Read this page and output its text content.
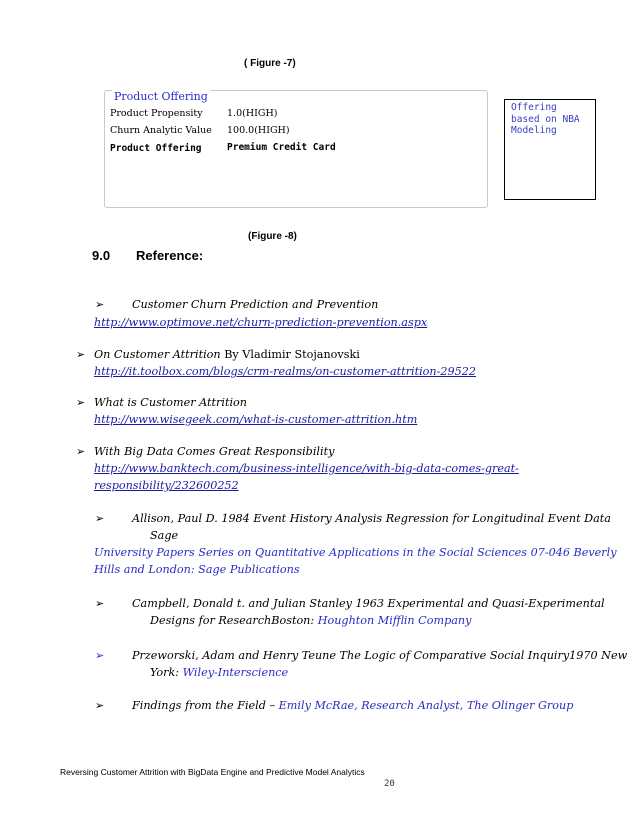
( Figure -7)
Product Offering
Product Propensity	1.0(HIGH)
Churn Analytic Value 100.0(HIGH)
Product Offering	Premium Credit Card
Offering
based on NBA
Modeling
(Figure -8)
9.0 Reference:
➢ Customer Churn Prediction and Prevention
http://www.optimove.net/churn-prediction-prevention.aspx
➢ On Customer Attrition By Vladimir Stojanovski
http://it.toolbox.com/blogs/crm-realms/on-customer-attrition-29522
➢ What is Customer Attrition
http://www.wisegeek.com/what-is-customer-attrition.htm
➢ With Big Data Comes Great Responsibility
http://www.banktech.com/business-intelligence/with-big-data-comes-great-
responsibility/232600252
➢ Allison, Paul D. 1984 Event History Analysis Regression for Longitudinal Event Data
Sage
University Papers Series on Quantitative Applications in the Social Sciences 07-046 Beverly
Hills and London: Sage Publications
➢ Campbell, Donald t. and Julian Stanley 1963 Experimental and Quasi-Experimental
Designs for ResearchBoston: Houghton Mifflin Company
➢ Przeworski, Adam and Henry Teune The Logic of Comparative Social Inquiry1970 New
York: Wiley-Interscience
➢ Findings from the Field – Emily McRae, Research Analyst, The Olinger Group
Reversing Customer Attrition with BigData Engine and Predictive Model Analytics
20
